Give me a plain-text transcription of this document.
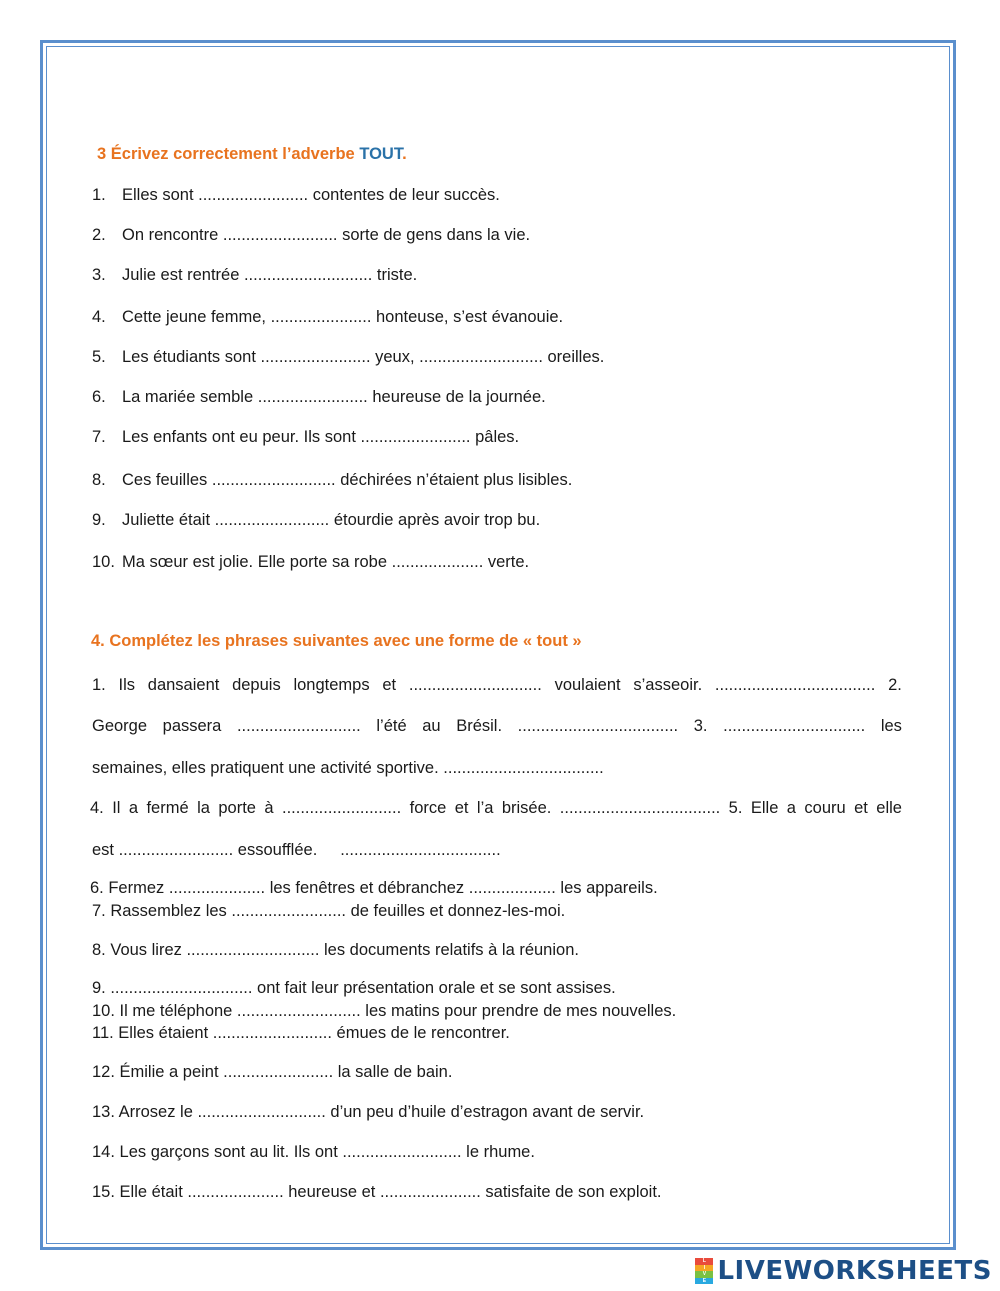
3 Écrivez correctement l’adverbe TOUT.
1. Elles sont ........................ contentes de leur succès.
2. On rencontre ......................... sorte de gens dans la vie.
3. Julie est rentrée ............................ triste.
4. Cette jeune femme, ...................... honteuse, s’est évanouie.
5. Les étudiants sont ........................ yeux, ........................... oreilles.
6. La mariée semble ........................ heureuse de la journée.
7. Les enfants ont eu peur. Ils sont ........................ pâles.
8. Ces feuilles ........................... déchirées n’étaient plus lisibles.
9. Juliette était ......................... étourdie après avoir trop bu.
10. Ma sœur est jolie. Elle porte sa robe .................... verte.
4. Complétez les phrases suivantes avec une forme de « tout »
1. Ils dansaient depuis longtemps et ............................. voulaient s’asseoir. ................................... 2.
George passera ........................... l’été au Brésil. ................................... 3. ............................... les
semaines, elles pratiquent une activité sportive. ...................................
4. Il a fermé la porte à .......................... force et l’a brisée. ................................... 5. Elle a couru et elle
est ......................... essoufflée.     ...................................
6. Fermez ..................... les fenêtres et débranchez ................... les appareils.
7. Rassemblez les ......................... de feuilles et donnez-les-moi.
8. Vous lirez ............................. les documents relatifs à la réunion.
9. ............................... ont fait leur présentation orale et se sont assises.
10. Il me téléphone ........................... les matins pour prendre de mes nouvelles.
11. Elles étaient .......................... émues de le rencontrer.
12. Émilie a peint ........................ la salle de bain.
13. Arrosez le ............................ d’un peu d’huile d’estragon avant de servir.
14. Les garçons sont au lit. Ils ont .......................... le rhume.
15. Elle était ..................... heureuse et ...................... satisfaite de son exploit.
L
I
V
E LIVEWORKSHEETS
